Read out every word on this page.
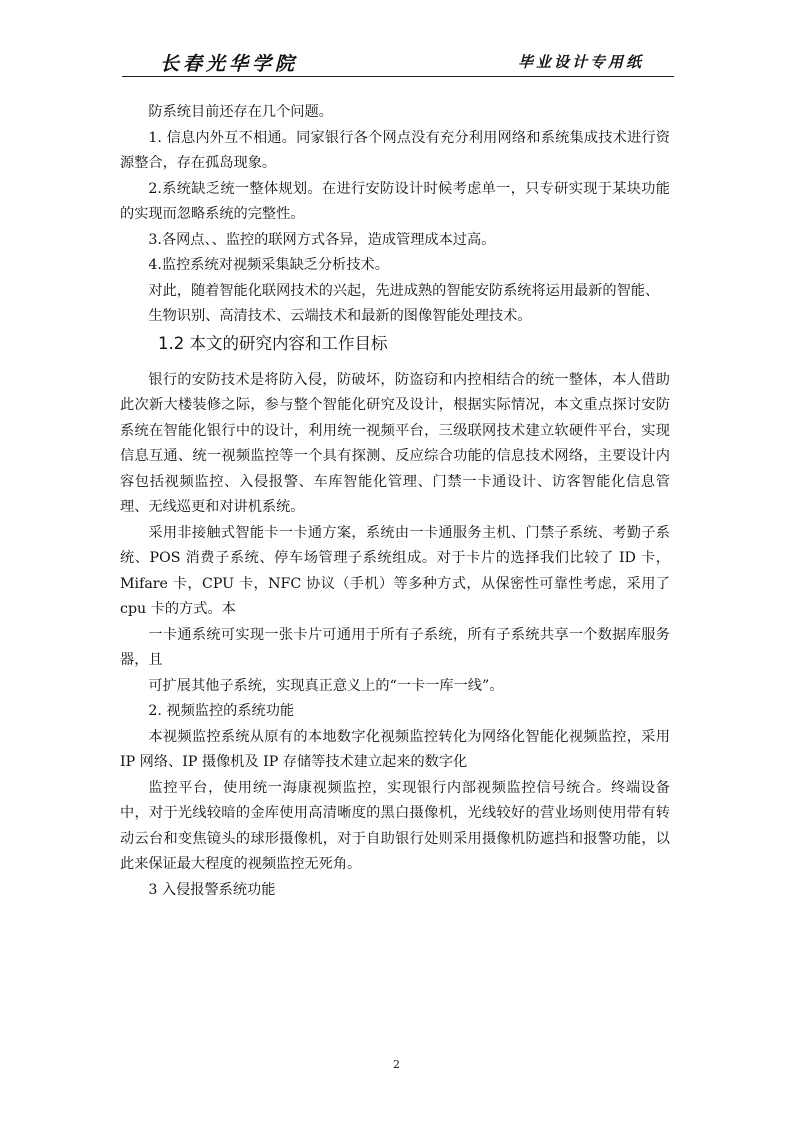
长春光华学院	毕业设计专用纸

防系统目前还存在几个问题。

1. 信息内外互不相通。同家银行各个网点没有充分利用网络和系统集成技术进行资源整合，存在孤岛现象。

2.系统缺乏统一整体规划。在进行安防设计时候考虑单一，只专研实现于某块功能的实现而忽略系统的完整性。

3.各网点、、监控的联网方式各异，造成管理成本过高。

4.监控系统对视频采集缺乏分析技术。

对此，随着智能化联网技术的兴起，先进成熟的智能安防系统将运用最新的智能、

生物识别、高清技术、云端技术和最新的图像智能处理技术。

1.2 本文的研究内容和工作目标

银行的安防技术是将防入侵，防破坏，防盗窃和内控相结合的统一整体，本人借助此次新大楼装修之际，参与整个智能化研究及设计，根据实际情况，本文重点探讨安防系统在智能化银行中的设计，利用统一视频平台，三级联网技术建立软硬件平台，实现信息互通、统一视频监控等一个具有探测、反应综合功能的信息技术网络，主要设计内容包括视频监控、入侵报警、车库智能化管理、门禁一卡通设计、访客智能化信息管理、无线巡更和对讲机系统。

采用非接触式智能卡一卡通方案，系统由一卡通服务主机、门禁子系统、考勤子系统、POS 消费子系统、停车场管理子系统组成。对于卡片的选择我们比较了 ID 卡，Mifare 卡，CPU 卡，NFC 协议（手机）等多种方式，从保密性可靠性考虑，采用了 cpu 卡的方式。本

一卡通系统可实现一张卡片可通用于所有子系统，所有子系统共享一个数据库服务器，且

可扩展其他子系统，实现真正意义上的“一卡一库一线”。

2. 视频监控的系统功能

本视频监控系统从原有的本地数字化视频监控转化为网络化智能化视频监控，采用 IP 网络、IP 摄像机及 IP 存储等技术建立起来的数字化

监控平台，使用统一海康视频监控，实现银行内部视频监控信号统合。终端设备中，对于光线较暗的金库使用高清晰度的黑白摄像机，光线较好的营业场则使用带有转动云台和变焦镜头的球形摄像机，对于自助银行处则采用摄像机防遮挡和报警功能，以此来保证最大程度的视频监控无死角。

3 入侵报警系统功能

2
